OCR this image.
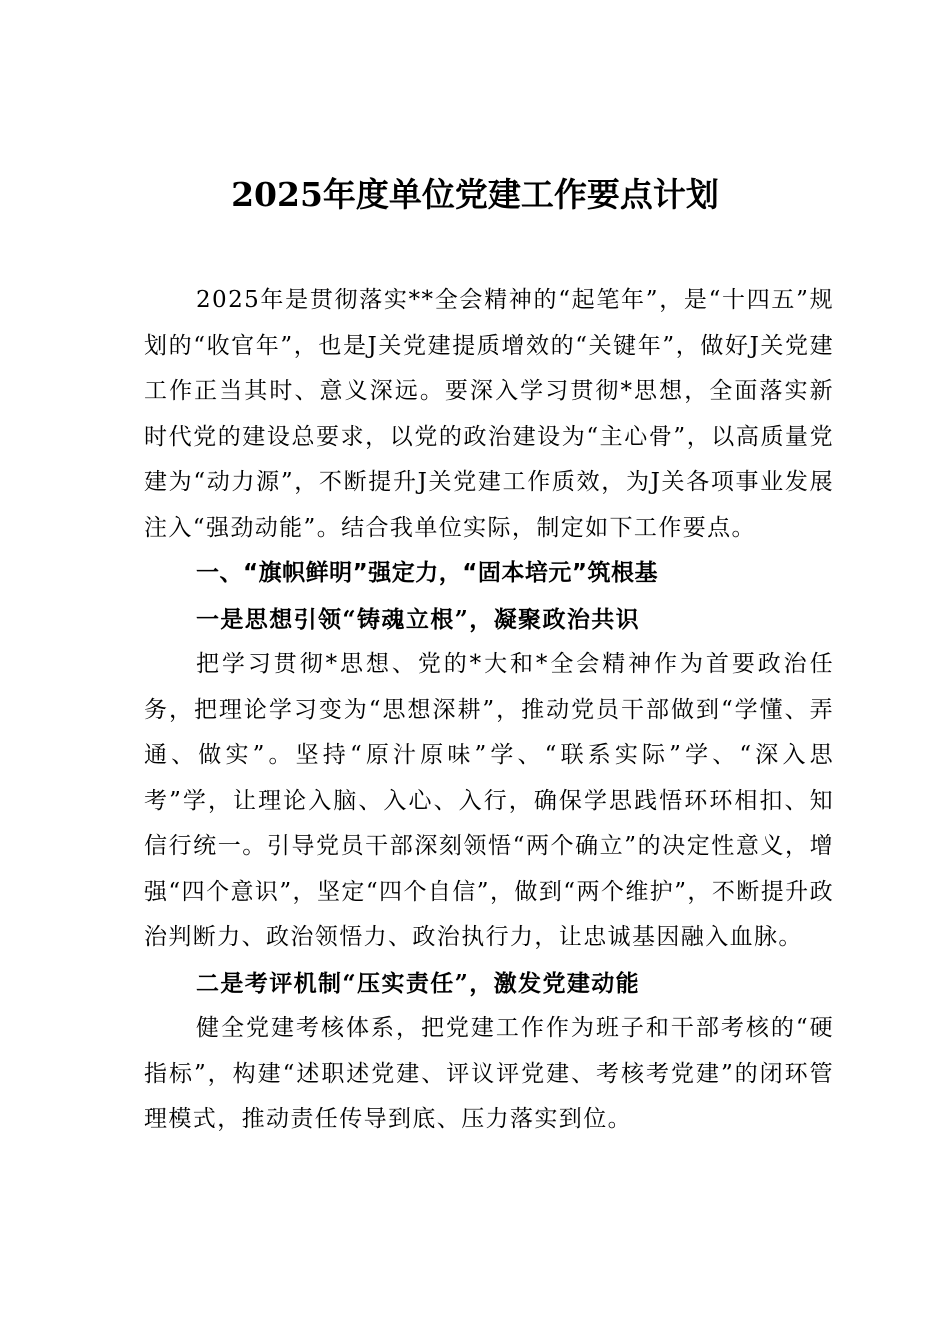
2025年度单位党建工作要点计划

2025年是贯彻落实**全会精神的“起笔年”，是“十四五”规划的“收官年”，也是J关党建提质增效的“关键年”，做好J关党建工作正当其时、意义深远。要深入学习贯彻*思想，全面落实新时代党的建设总要求，以党的政治建设为“主心骨”，以高质量党建为“动力源”，不断提升J关党建工作质效，为J关各项事业发展注入“强劲动能”。结合我单位实际，制定如下工作要点。

一、“旗帜鲜明”强定力，“固本培元”筑根基

一是思想引领“铸魂立根”，凝聚政治共识

把学习贯彻*思想、党的*大和*全会精神作为首要政治任务，把理论学习变为“思想深耕”，推动党员干部做到“学懂、弄通、做实”。坚持“原汁原味”学、“联系实际”学、“深入思考”学，让理论入脑、入心、入行，确保学思践悟环环相扣、知信行统一。引导党员干部深刻领悟“两个确立”的决定性意义，增强“四个意识”，坚定“四个自信”，做到“两个维护”，不断提升政治判断力、政治领悟力、政治执行力，让忠诚基因融入血脉。

二是考评机制“压实责任”，激发党建动能

健全党建考核体系，把党建工作作为班子和干部考核的“硬指标”，构建“述职述党建、评议评党建、考核考党建”的闭环管理模式，推动责任传导到底、压力落实到位。
